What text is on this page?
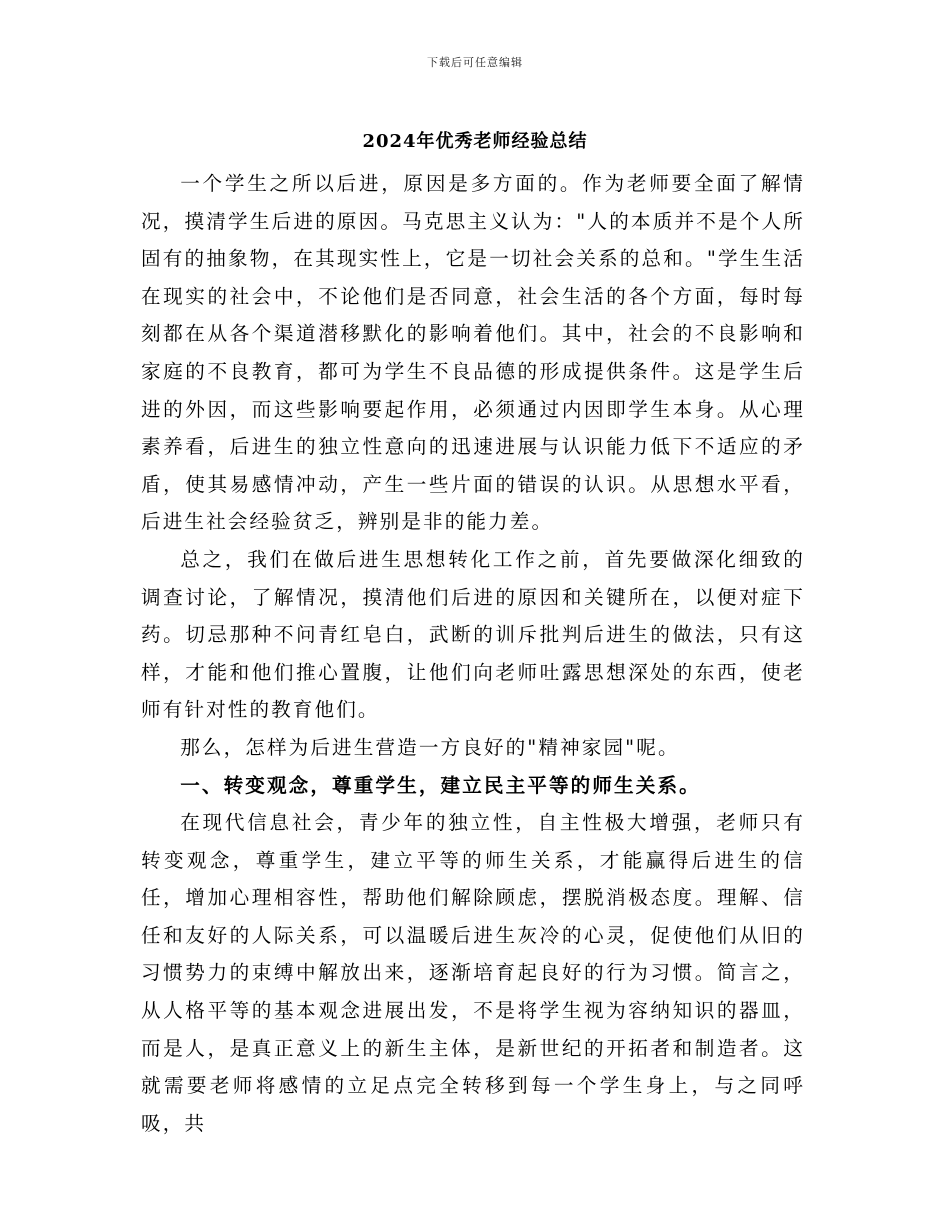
下载后可任意编辑
2024年优秀老师经验总结

一个学生之所以后进，原因是多方面的。作为老师要全面了解情况，摸清学生后进的原因。马克思主义认为："人的本质并不是个人所固有的抽象物，在其现实性上，它是一切社会关系的总和。"学生生活在现实的社会中，不论他们是否同意，社会生活的各个方面，每时每刻都在从各个渠道潜移默化的影响着他们。其中，社会的不良影响和家庭的不良教育，都可为学生不良品德的形成提供条件。这是学生后进的外因，而这些影响要起作用，必须通过内因即学生本身。从心理素养看，后进生的独立性意向的迅速进展与认识能力低下不适应的矛盾，使其易感情冲动，产生一些片面的错误的认识。从思想水平看，后进生社会经验贫乏，辨别是非的能力差。

总之，我们在做后进生思想转化工作之前，首先要做深化细致的调查讨论，了解情况，摸清他们后进的原因和关键所在，以便对症下药。切忌那种不问青红皂白，武断的训斥批判后进生的做法，只有这样，才能和他们推心置腹，让他们向老师吐露思想深处的东西，使老师有针对性的教育他们。

那么，怎样为后进生营造一方良好的"精神家园"呢。

一、转变观念，尊重学生，建立民主平等的师生关系。

在现代信息社会，青少年的独立性，自主性极大增强，老师只有转变观念，尊重学生，建立平等的师生关系，才能赢得后进生的信任，增加心理相容性，帮助他们解除顾虑，摆脱消极态度。理解、信任和友好的人际关系，可以温暖后进生灰冷的心灵，促使他们从旧的习惯势力的束缚中解放出来，逐渐培育起良好的行为习惯。简言之，从人格平等的基本观念进展出发，不是将学生视为容纳知识的器皿，而是人，是真正意义上的新生主体，是新世纪的开拓者和制造者。这就需要老师将感情的立足点完全转移到每一个学生身上，与之同呼吸，共
